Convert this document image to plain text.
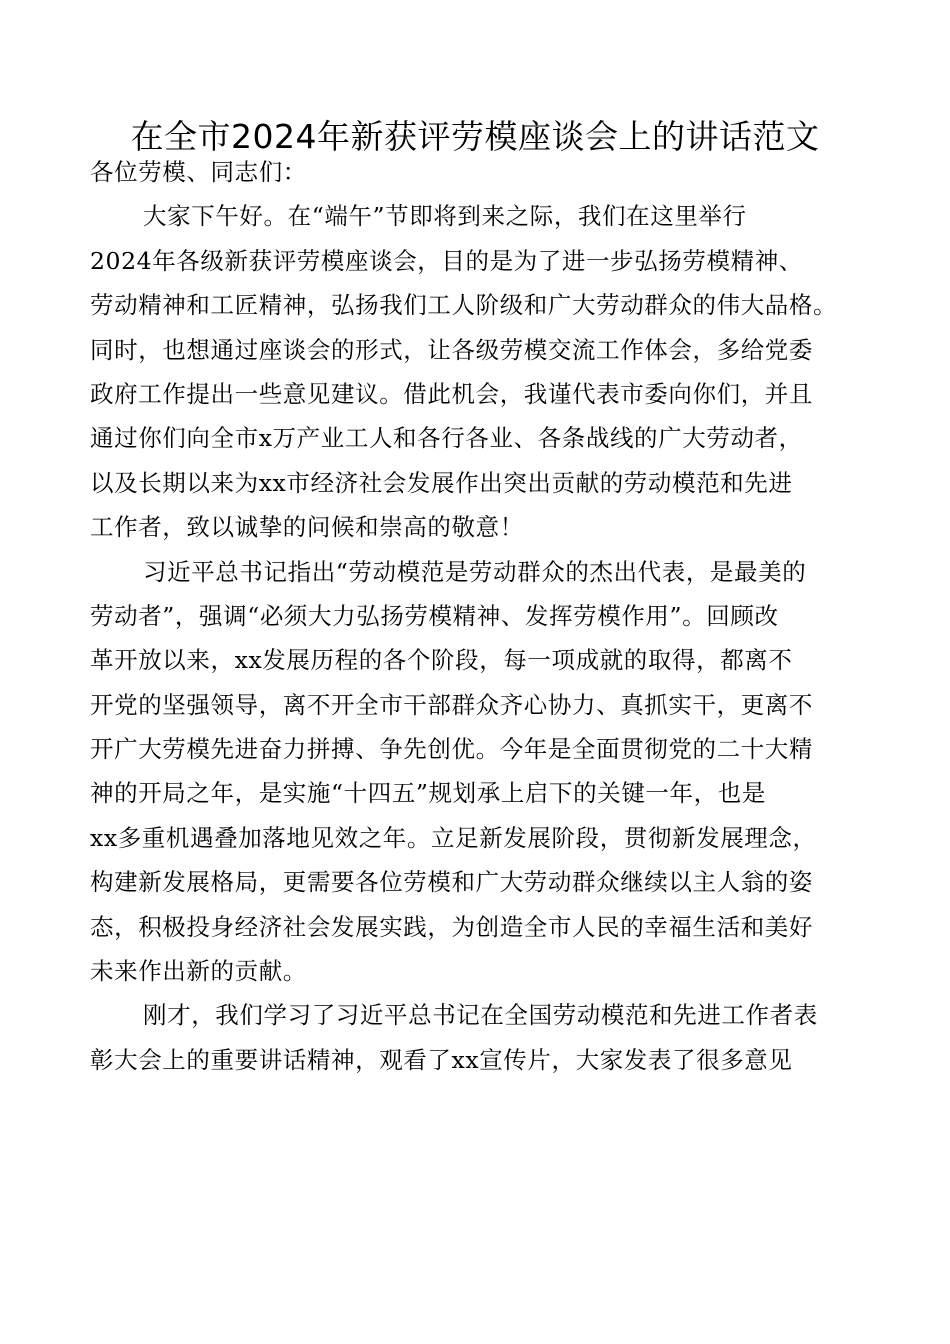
在全市2024年新获评劳模座谈会上的讲话范文
各位劳模、同志们：
大家下午好。在“端午”节即将到来之际，我们在这里举行
2024年各级新获评劳模座谈会，目的是为了进一步弘扬劳模精神、
劳动精神和工匠精神，弘扬我们工人阶级和广大劳动群众的伟大品格。
同时，也想通过座谈会的形式，让各级劳模交流工作体会，多给党委
政府工作提出一些意见建议。借此机会，我谨代表市委向你们，并且
通过你们向全市x万产业工人和各行各业、各条战线的广大劳动者，
以及长期以来为xx市经济社会发展作出突出贡献的劳动模范和先进
工作者，致以诚挚的问候和崇高的敬意！
习近平总书记指出“劳动模范是劳动群众的杰出代表，是最美的
劳动者”，强调“必须大力弘扬劳模精神、发挥劳模作用”。回顾改
革开放以来，xx发展历程的各个阶段，每一项成就的取得，都离不
开党的坚强领导，离不开全市干部群众齐心协力、真抓实干，更离不
开广大劳模先进奋力拼搏、争先创优。今年是全面贯彻党的二十大精
神的开局之年，是实施“十四五”规划承上启下的关键一年，也是
xx多重机遇叠加落地见效之年。立足新发展阶段，贯彻新发展理念，
构建新发展格局，更需要各位劳模和广大劳动群众继续以主人翁的姿
态，积极投身经济社会发展实践，为创造全市人民的幸福生活和美好
未来作出新的贡献。
刚才，我们学习了习近平总书记在全国劳动模范和先进工作者表
彰大会上的重要讲话精神，观看了xx宣传片，大家发表了很多意见
